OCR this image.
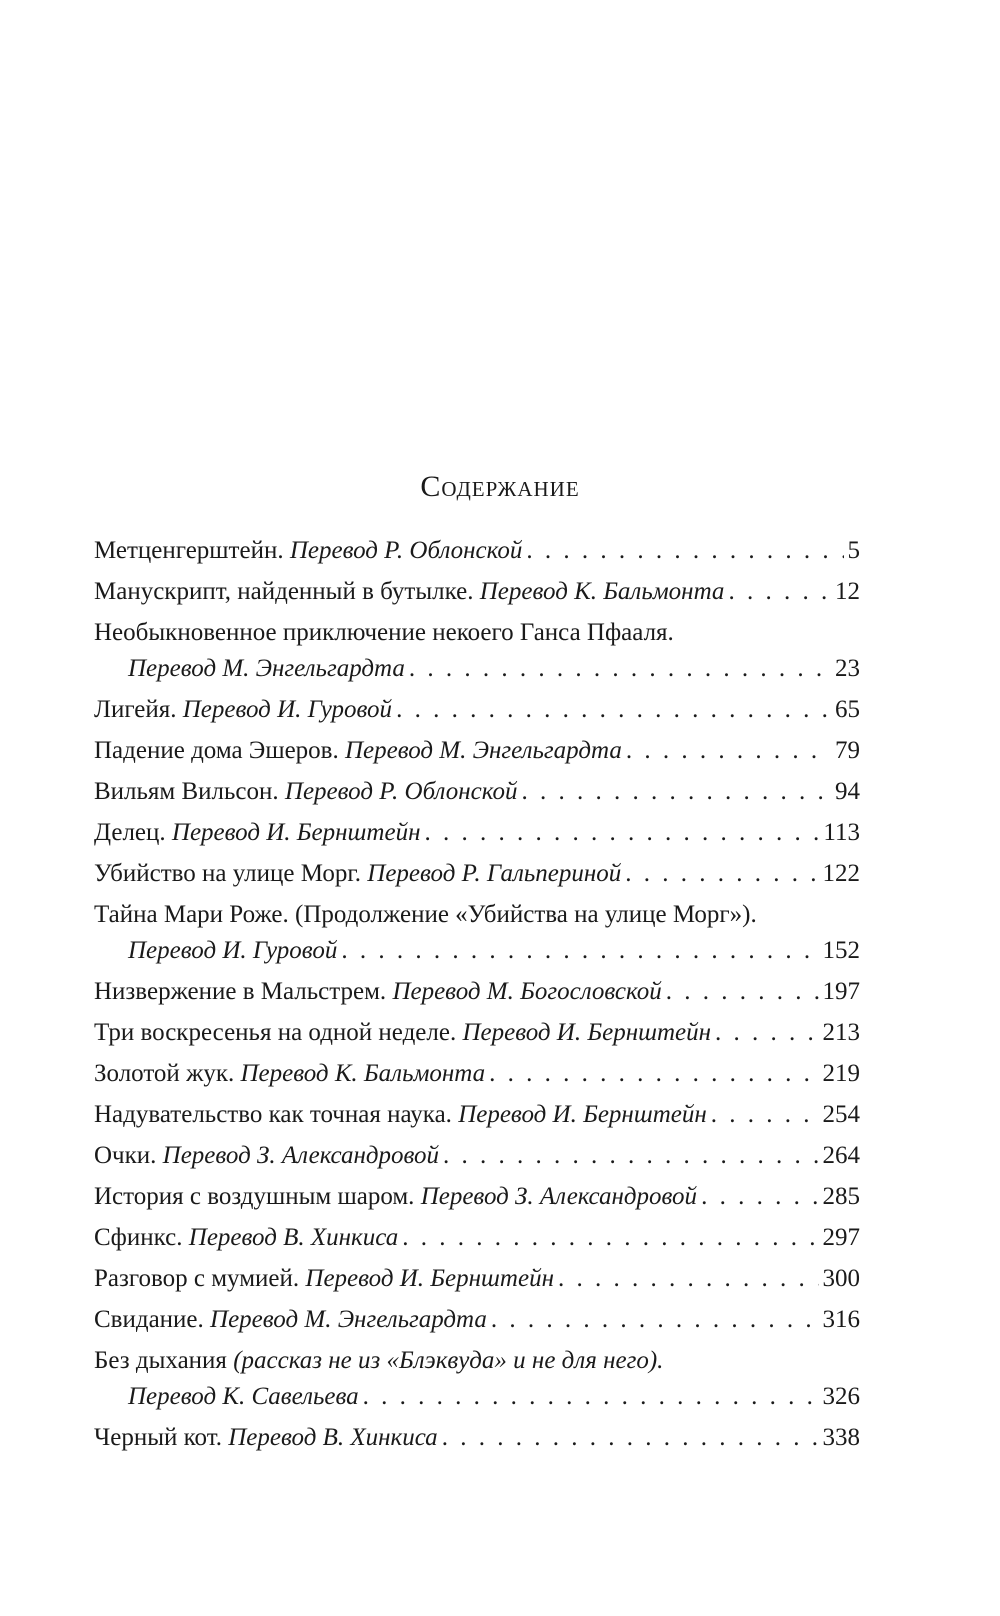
Содержание
Метценгерштейн. Перевод Р. Облонской . . .	5
Манускрипт, найденный в бутылке. Перевод К. Бальмонта . . .	12
Необыкновенное приключение некоего Ганса Пфааля.
Перевод М. Энгельгардта . . .	23
Лигейя. Перевод И. Гуровой . . .	65
Падение дома Эшеров. Перевод М. Энгельгардта . . .	79
Вильям Вильсон. Перевод Р. Облонской . . .	94
Делец. Перевод И. Бернштейн . . .	113
Убийство на улице Морг. Перевод Р. Гальпериной . . .	122
Тайна Мари Роже. (Продолжение «Убийства на улице Морг»).
Перевод И. Гуровой . . .	152
Низвержение в Мальстрем. Перевод М. Богословской . . .	197
Три воскресенья на одной неделе. Перевод И. Бернштейн . . .	213
Золотой жук. Перевод К. Бальмонта . . .	219
Надувательство как точная наука. Перевод И. Бернштейн . . .	254
Очки. Перевод З. Александровой . . .	264
История с воздушным шаром. Перевод З. Александровой . . .	285
Сфинкс. Перевод В. Хинкиса . . .	297
Разговор с мумией. Перевод И. Бернштейн . . .	300
Свидание. Перевод М. Энгельгардта . . .	316
Без дыхания (рассказ не из «Блэквуда» и не для него).
Перевод К. Савельева . . .	326
Черный кот. Перевод В. Хинкиса . . .	338
